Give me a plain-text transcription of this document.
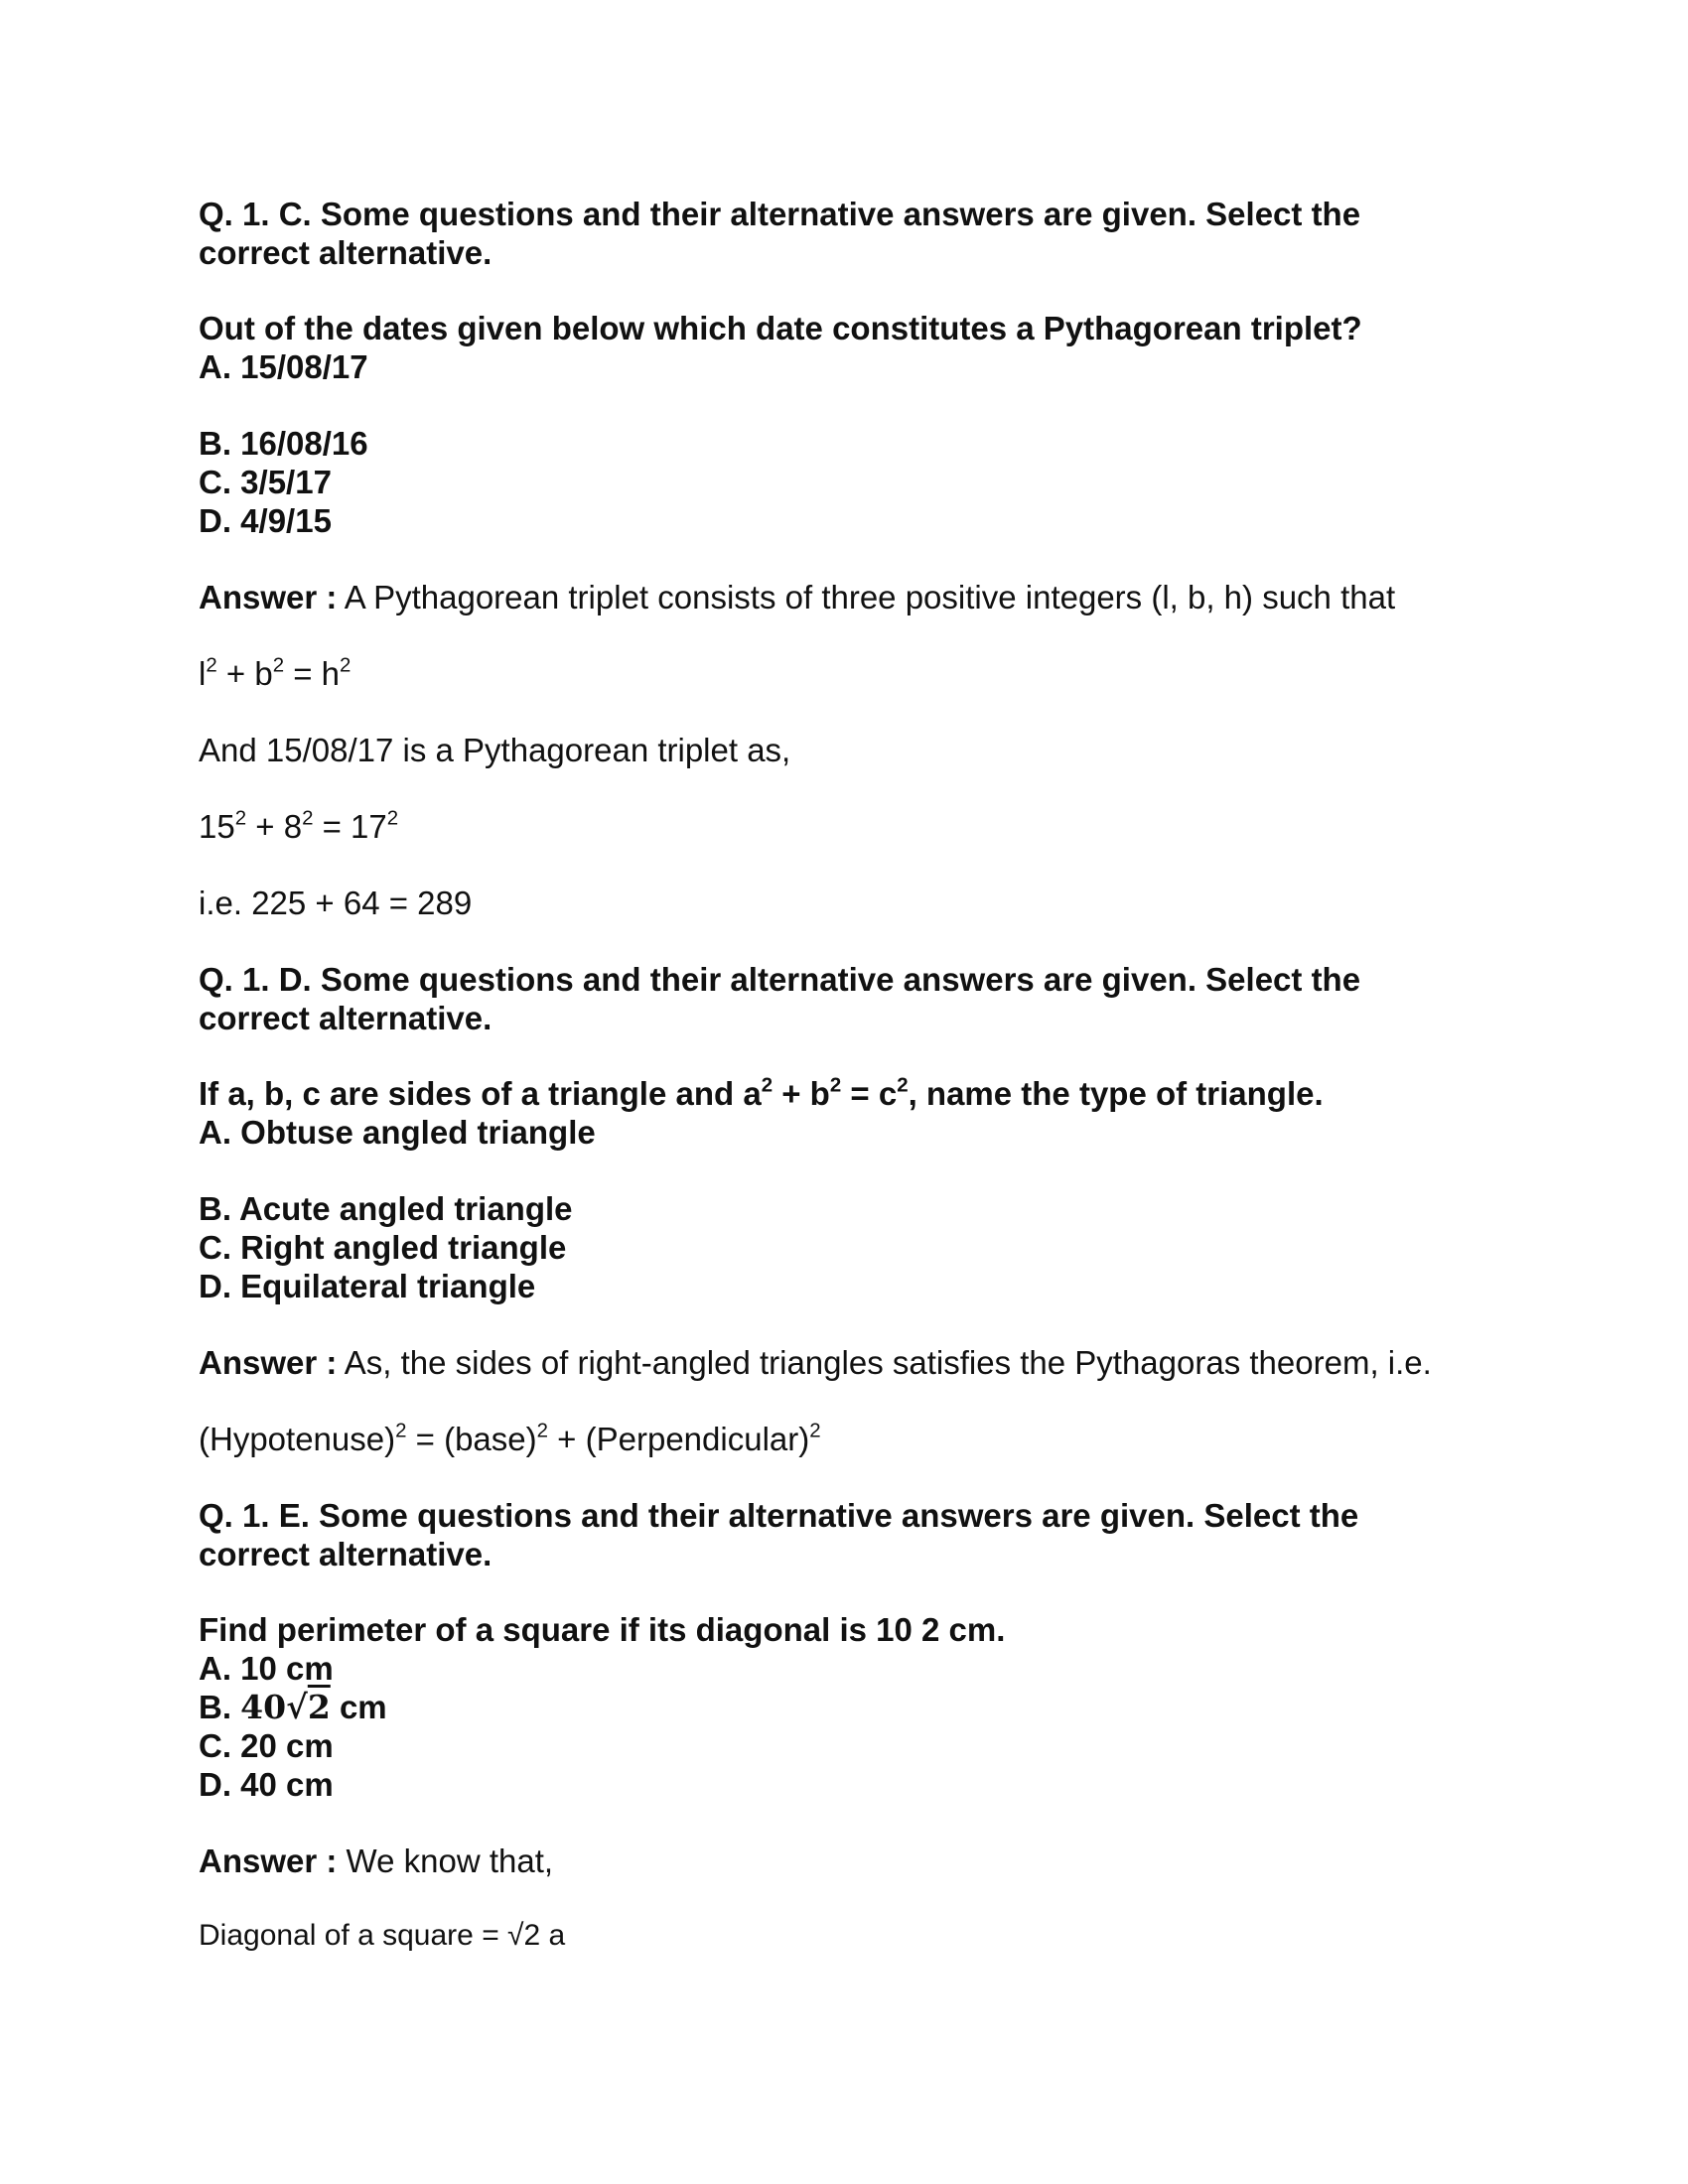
Q. 1. C. Some questions and their alternative answers are given. Select the

correct alternative.

Out of the dates given below which date constitutes a Pythagorean triplet?

A. 15/08/17

B. 16/08/16

C. 3/5/17

D. 4/9/15

Answer : A Pythagorean triplet consists of three positive integers (l, b, h) such that

$l^2 + b^2 = h^2$

And 15/08/17 is a Pythagorean triplet as,

$15^2 + 8^2 = 17^2$

i.e. 225 + 64 = 289

Q. 1. D. Some questions and their alternative answers are given. Select the

correct alternative.

If a, b, c are sides of a triangle and $a^2 + b^2 = c^2$, name the type of triangle.

A. Obtuse angled triangle

B. Acute angled triangle

C. Right angled triangle

D. Equilateral triangle

Answer : As, the sides of right-angled triangles satisfies the Pythagoras theorem, i.e.

(Hypotenuse)$^2$ = (base)$^2$ + (Perpendicular)$^2$

Q. 1. E. Some questions and their alternative answers are given. Select the

correct alternative.

Find perimeter of a square if its diagonal is 10 2 cm.

A. 10 cm

B. 40√2 cm

C. 20 cm

D. 40 cm

Answer : We know that,

Diagonal of a square = √2 a
